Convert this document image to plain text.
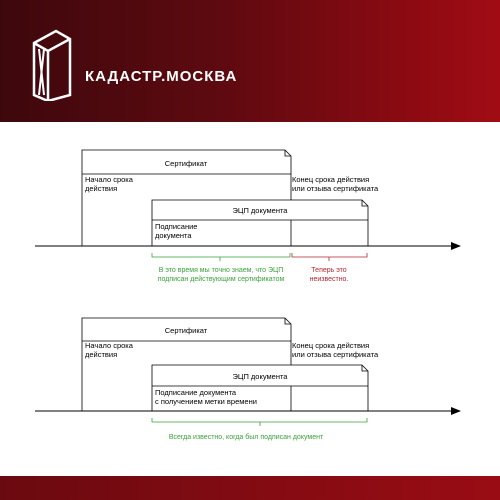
КАДАСТР.МОСКВА
Сертификат
Начало срока
действия
Конец срока действия
или отзыва сертификата
ЭЦП документа
Подписание
документа
В это время мы точно знаем, что ЭЦП
подписан действующим сертификатом
Теперь это
неизвестно.
Сертификат
Начало срока
действия
Конец срока действия
или отзыва сертификата
ЭЦП документа
Подписание документа
с получением метки времени
Всегда известно, когда был подписан документ
